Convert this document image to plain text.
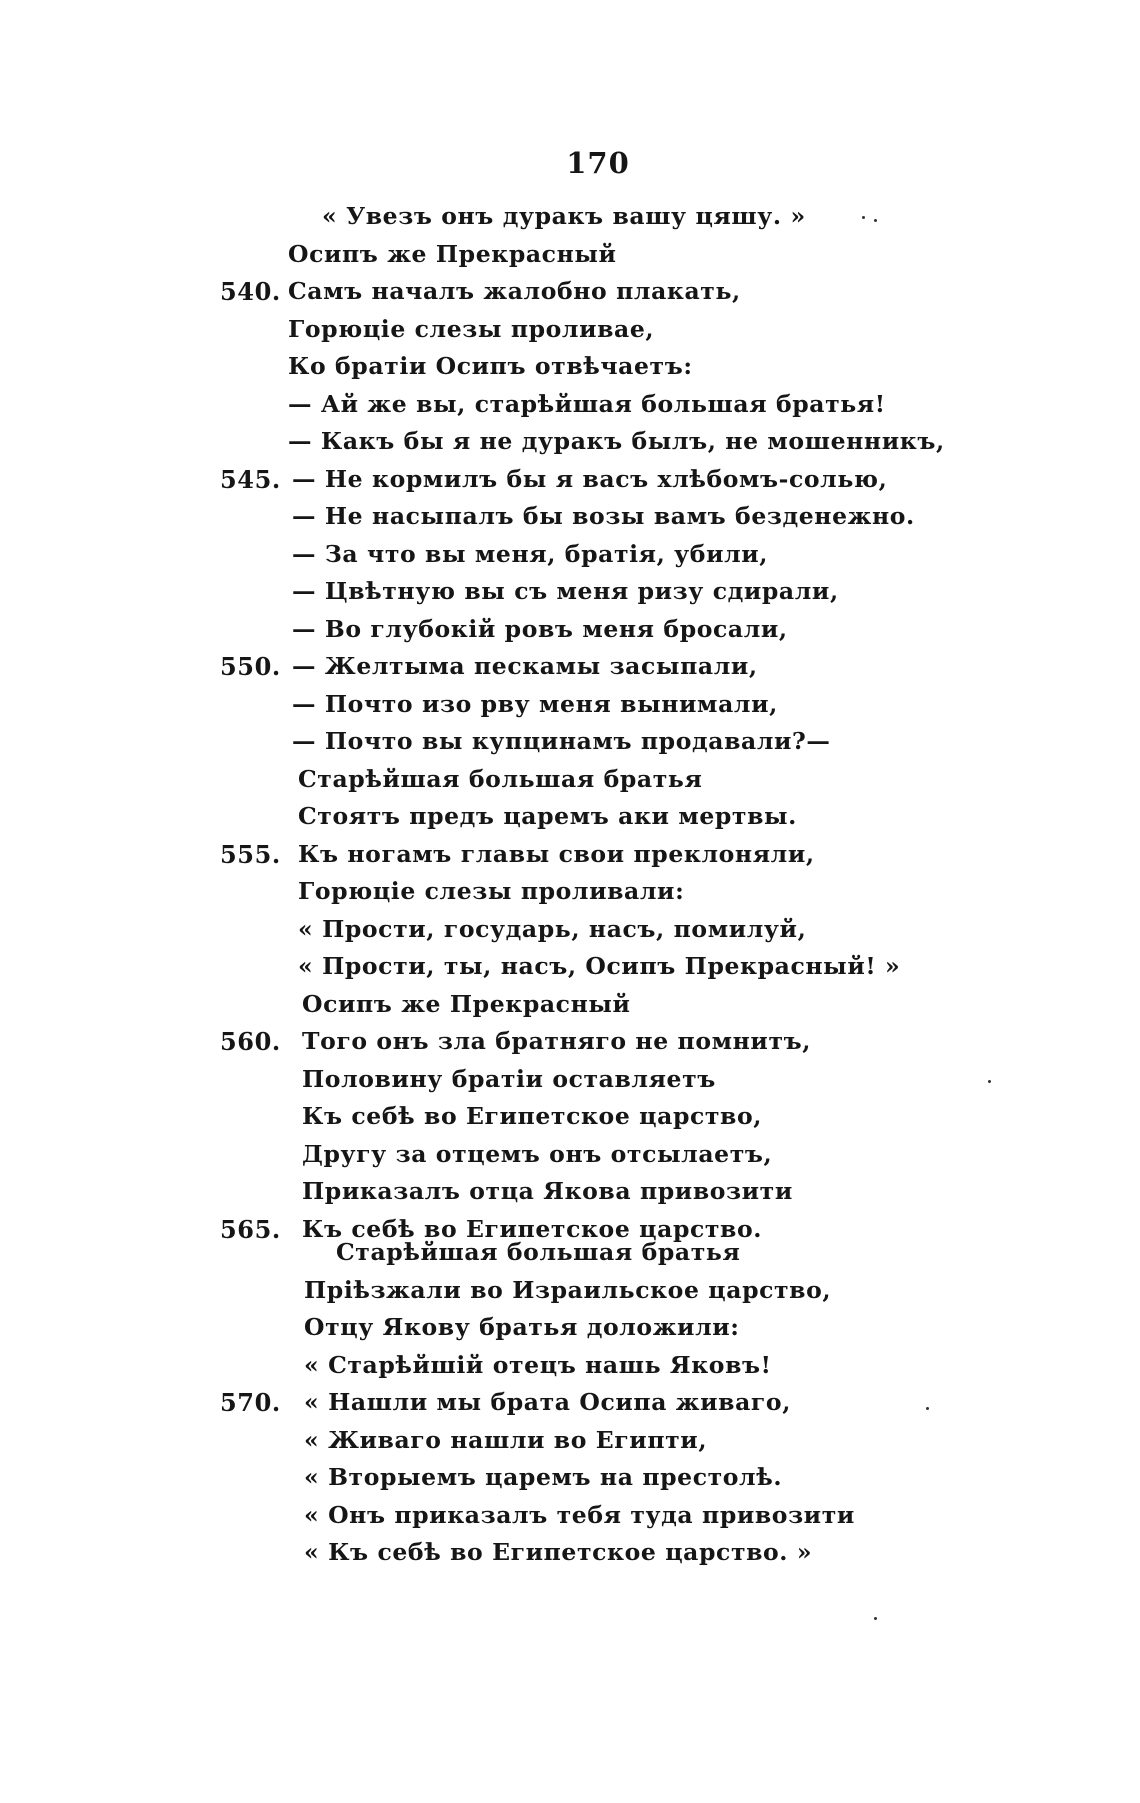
170
« Увезъ онъ дуракъ вашу цяшу. »
Осипъ же Прекрасный
540. Самъ началъ жалобно плакать,
Горюціе слезы проливае,
Ко братіи Осипъ отвѣчаетъ:
— Ай же вы, старѣйшая большая братья!
— Какъ бы я не дуракъ былъ, не мошенникъ,
545. — Не кормилъ бы я васъ хлѣбомъ-солью,
— Не насыпалъ бы возы вамъ безденежно.
— За что вы меня, братія, убили,
— Цвѣтную вы съ меня ризу сдирали,
— Во глубокій ровъ меня бросали,
550. — Желтыма пескамы засыпали,
— Почто изо рву меня вынимали,
— Почто вы купцинамъ продавали?—
Старѣйшая большая братья
Стоятъ предъ царемъ аки мертвы.
555. Къ ногамъ главы свои преклоняли,
Горюціе слезы проливали:
« Прости, государь, насъ, помилуй,
« Прости, ты, насъ, Осипъ Прекрасный! »
Осипъ же Прекрасный
560. Того онъ зла братняго не помнитъ,
Половину братіи оставляетъ
Къ себѣ во Египетское царство,
Другу за отцемъ онъ отсылаетъ,
Приказалъ отца Якова привозити
565. Къ себѣ во Египетское царство.
Старѣйшая большая братья
Пріѣзжали во Израильское царство,
Отцу Якову братья доложили:
« Старѣйшій отецъ нашь Яковъ!
570. « Нашли мы брата Осипа живаго,
« Живаго нашли во Египти,
« Вторыемъ царемъ на престолѣ.
« Онъ приказалъ тебя туда привозити
« Къ себѣ во Египетское царство. »
